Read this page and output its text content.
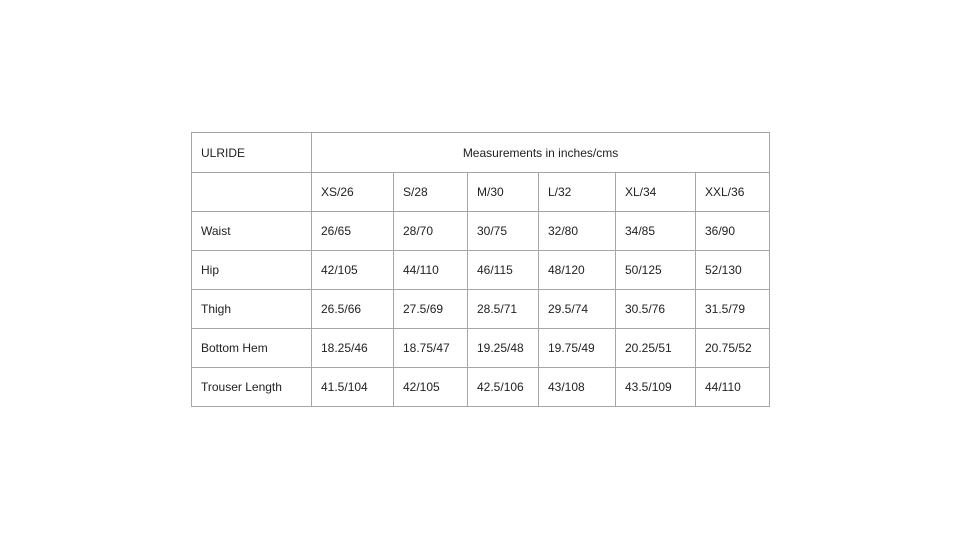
ULRIDE	Measurements in inches/cms					
	XS/26	S/28	M/30	L/32	XL/34	XXL/36
Waist	26/65	28/70	30/75	32/80	34/85	36/90
Hip	42/105	44/110	46/115	48/120	50/125	52/130
Thigh	26.5/66	27.5/69	28.5/71	29.5/74	30.5/76	31.5/79
Bottom Hem	18.25/46	18.75/47	19.25/48	19.75/49	20.25/51	20.75/52
Trouser Length	41.5/104	42/105	42.5/106	43/108	43.5/109	44/110
